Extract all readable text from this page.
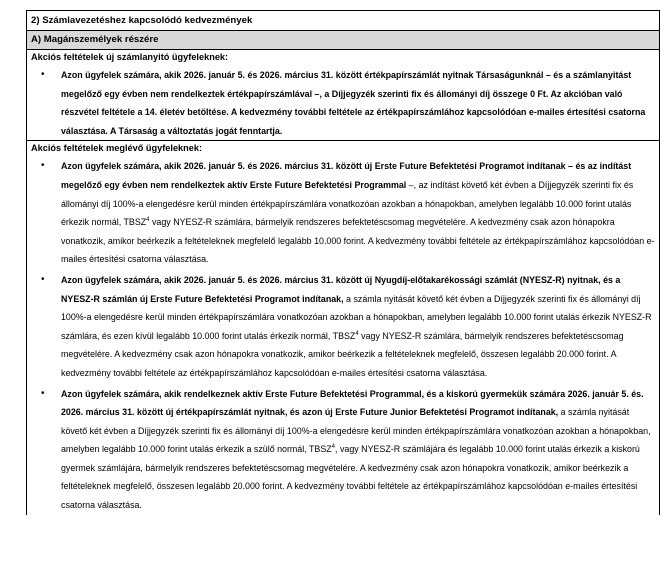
2) Számlavezetéshez kapcsolódó kedvezmények
A) Magánszemélyek részére
Akciós feltételek új számlanyitó ügyfeleknek:
• Azon ügyfelek számára, akik 2026. január 5. és 2026. március 31. között értékpapírszámlát nyitnak Társaságunknál – és a számlanyitást megelőző egy évben nem rendelkeztek értékpapírszámlával –, a Díjjegyzék szerinti fix és állományi díj összege 0 Ft. Az akcióban való részvétel feltétele a 14. életév betöltése. A kedvezmény további feltétele az értékpapírszámlához kapcsolódóan e-mailes értesítési csatorna választása. A Társaság a változtatás jogát fenntartja.
Akciós feltételek meglévő ügyfeleknek:
• Azon ügyfelek számára, akik 2026. január 5. és 2026. március 31. között új Erste Future Befektetési Programot indítanak – és az indítást megelőző egy évben nem rendelkeztek aktív Erste Future Befektetési Programmal –, az indítást követő két évben a Díjjegyzék szerinti fix és állományi díj 100%-a elengedésre kerül minden értékpapírszámlára vonatkozóan azokban a hónapokban, amelyben legalább 10.000 forint utalás érkezik normál, TBSZ$^4$ vagy NYESZ-R számlára, bármelyik rendszeres befektetéscsomag megvételére. A kedvezmény csak azon hónapokra vonatkozik, amikor beérkezik a feltételeknek megfelelő legalább 10.000 forint. A kedvezmény további feltétele az értékpapírszámlához kapcsolódóan e-mailes értesítési csatorna választása.
• Azon ügyfelek számára, akik 2026. január 5. és 2026. március 31. között új Nyugdíj-előtakarékossági számlát (NYESZ-R) nyitnak, és a NYESZ-R számlán új Erste Future Befektetési Programot indítanak, a számla nyitását követő két évben a Díjjegyzék szerinti fix és állományi díj 100%-a elengedésre kerül minden értékpapírszámlára vonatkozóan azokban a hónapokban, amelyben legalább 10.000 forint utalás érkezik NYESZ-R számlára, és ezen kívül legalább 10.000 forint utalás érkezik normál, TBSZ$^4$ vagy NYESZ-R számlára, bármelyik rendszeres befektetéscsomag megvételére. A kedvezmény csak azon hónapokra vonatkozik, amikor beérkezik a feltételeknek megfelelő, összesen legalább 20.000 forint. A kedvezmény további feltétele az értékpapírszámlához kapcsolódóan e-mailes értesítési csatorna választása.
• Azon ügyfelek számára, akik rendelkeznek aktív Erste Future Befektetési Programmal, és a kiskorú gyermekük számára 2026. január 5. és. 2026. március 31. között új értékpapírszámlát nyitnak, és azon új Erste Future Junior Befektetési Programot indítanak, a számla nyitását követő két évben a Díjjegyzék szerinti fix és állományi díj 100%-a elengedésre kerül minden értékpapírszámlára vonatkozóan azokban a hónapokban, amelyben legalább 10.000 forint utalás érkezik a szülő normál, TBSZ$^4$, vagy NYESZ-R számlájára és legalább 10.000 forint utalás érkezik a kiskorú gyermek számlájára, bármelyik rendszeres befektetéscsomag megvételére. A kedvezmény csak azon hónapokra vonatkozik, amikor beérkezik a feltételeknek megfelelő, összesen legalább 20.000 forint. A kedvezmény további feltétele az értékpapírszámlához kapcsolódóan e-mailes értesítési csatorna választása.
